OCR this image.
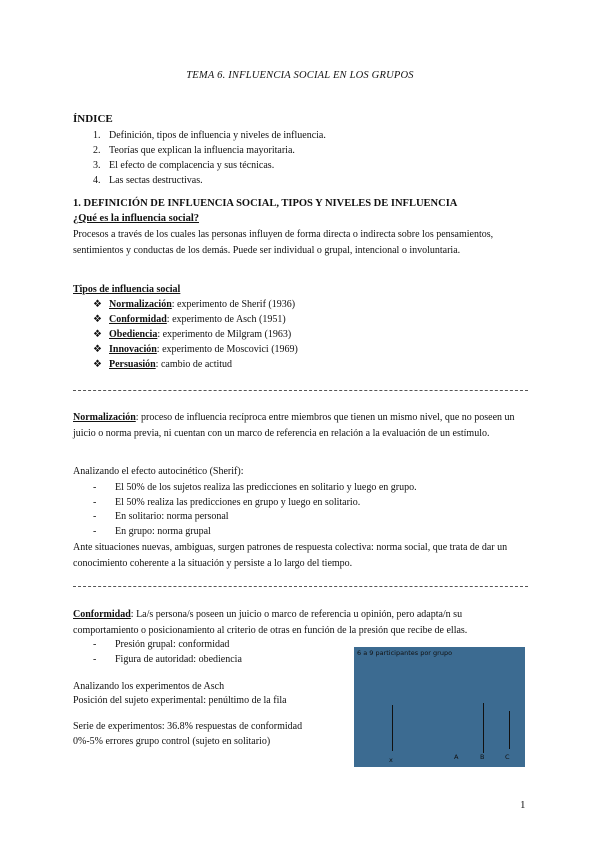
TEMA 6. INFLUENCIA SOCIAL EN LOS GRUPOS
ÍNDICE
1. Definición, tipos de influencia y niveles de influencia.
2. Teorías que explican la influencia mayoritaria.
3. El efecto de complacencia y sus técnicas.
4. Las sectas destructivas.
1. DEFINICIÓN DE INFLUENCIA SOCIAL, TIPOS Y NIVELES DE INFLUENCIA
¿Qué es la influencia social?

Procesos a través de los cuales las personas influyen de forma directa o indirecta sobre los pensamientos, sentimientos y conductas de los demás. Puede ser individual o grupal, intencional o involuntaria.

Tipos de influencia social
❖ Normalización: experimento de Sherif (1936)
❖ Conformidad: experimento de Asch (1951)
❖ Obediencia: experimento de Milgram (1963)
❖ Innovación: experimento de Moscovici (1969)
❖ Persuasión: cambio de actitud

Normalización: proceso de influencia recíproca entre miembros que tienen un mismo nivel, que no poseen un juicio o norma previa, ni cuentan con un marco de referencia en relación a la evaluación de un estímulo.

Analizando el efecto autocinético (Sherif):
- El 50% de los sujetos realiza las predicciones en solitario y luego en grupo.
- El 50% realiza las predicciones en grupo y luego en solitario.
- En solitario: norma personal
- En grupo: norma grupal

Ante situaciones nuevas, ambiguas, surgen patrones de respuesta colectiva: norma social, que trata de dar un conocimiento coherente a la situación y persiste a lo largo del tiempo.

Conformidad: La/s persona/s poseen un juicio o marco de referencia u opinión, pero adapta/n su comportamiento o posicionamiento al criterio de otras en función de la presión que recibe de ellas.

- Presión grupal: conformidad
- Figura de autoridad: obediencia
Analizando los experimentos de Asch
Posición del sujeto experimental: penúltimo de la fila
Serie de experimentos: 36.8% respuestas de conformidad
0%-5% errores grupo control (sujeto en solitario)
6 a 9 participantes por grupo
x	A	B	C
1
